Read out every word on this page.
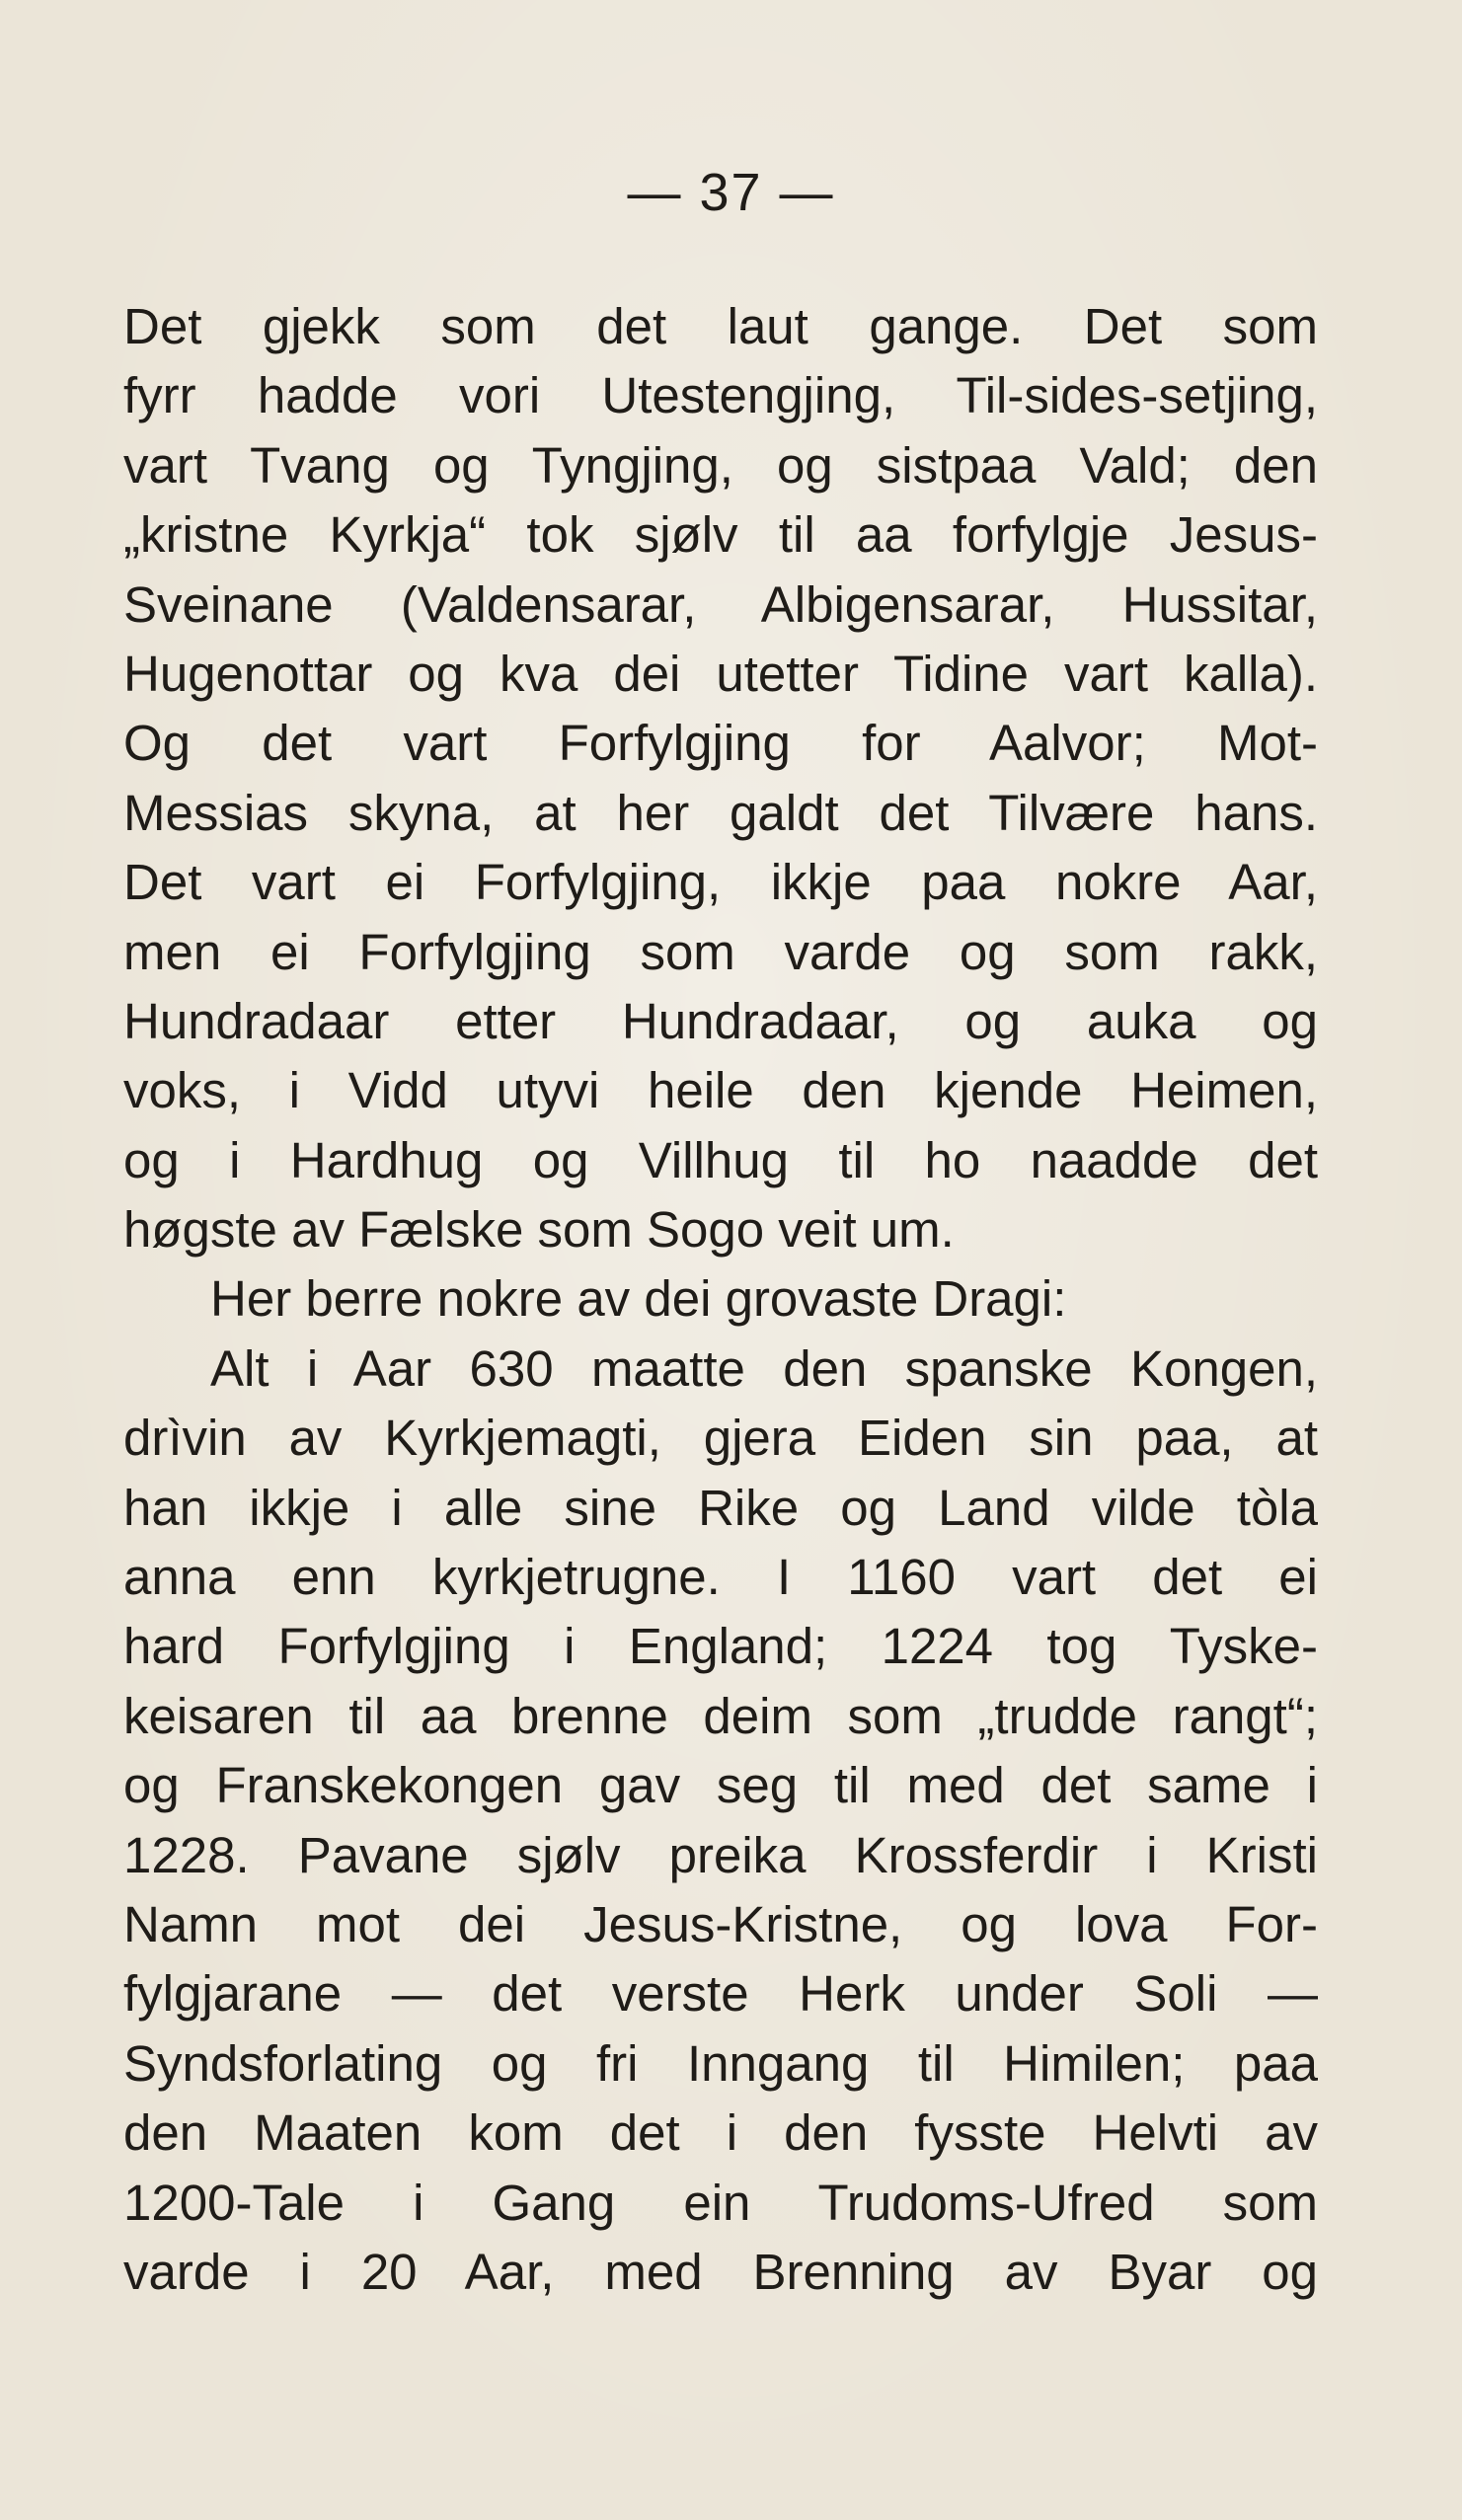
— 37 —
Det gjekk som det laut gange. Det som
fyrr hadde vori Utestengjing, Til-sides-setjing,
vart Tvang og Tyngjing, og sistpaa Vald; den
„kristne Kyrkja“ tok sjølv til aa forfylgje Jesus-
Sveinane (Valdensarar, Albigensarar, Hussitar,
Hugenottar og kva dei utetter Tidine vart kalla).
Og det vart Forfylgjing for Aalvor; Mot-
Messias skyna, at her galdt det Tilvære hans.
Det vart ei Forfylgjing, ikkje paa nokre Aar,
men ei Forfylgjing som varde og som rakk,
Hundradaar etter Hundradaar, og auka og
voks, i Vidd utyvi heile den kjende Heimen,
og i Hardhug og Villhug til ho naadde det
høgste av Fælske som Sogo veit um.
Her berre nokre av dei grovaste Dragi:
Alt i Aar 630 maatte den spanske Kongen,
drìvin av Kyrkjemagti, gjera Eiden sin paa, at
han ikkje i alle sine Rike og Land vilde tòla
anna enn kyrkjetrugne. I 1160 vart det ei
hard Forfylgjing i England; 1224 tog Tyske-
keisaren til aa brenne deim som „trudde rangt“;
og Franskekongen gav seg til med det same i
1228. Pavane sjølv preika Krossferdir i Kristi
Namn mot dei Jesus-Kristne, og lova For-
fylgjarane — det verste Herk under Soli —
Syndsforlating og fri Inngang til Himilen; paa
den Maaten kom det i den fysste Helvti av
1200-Tale i Gang ein Trudoms-Ufred som
varde i 20 Aar, med Brenning av Byar og
